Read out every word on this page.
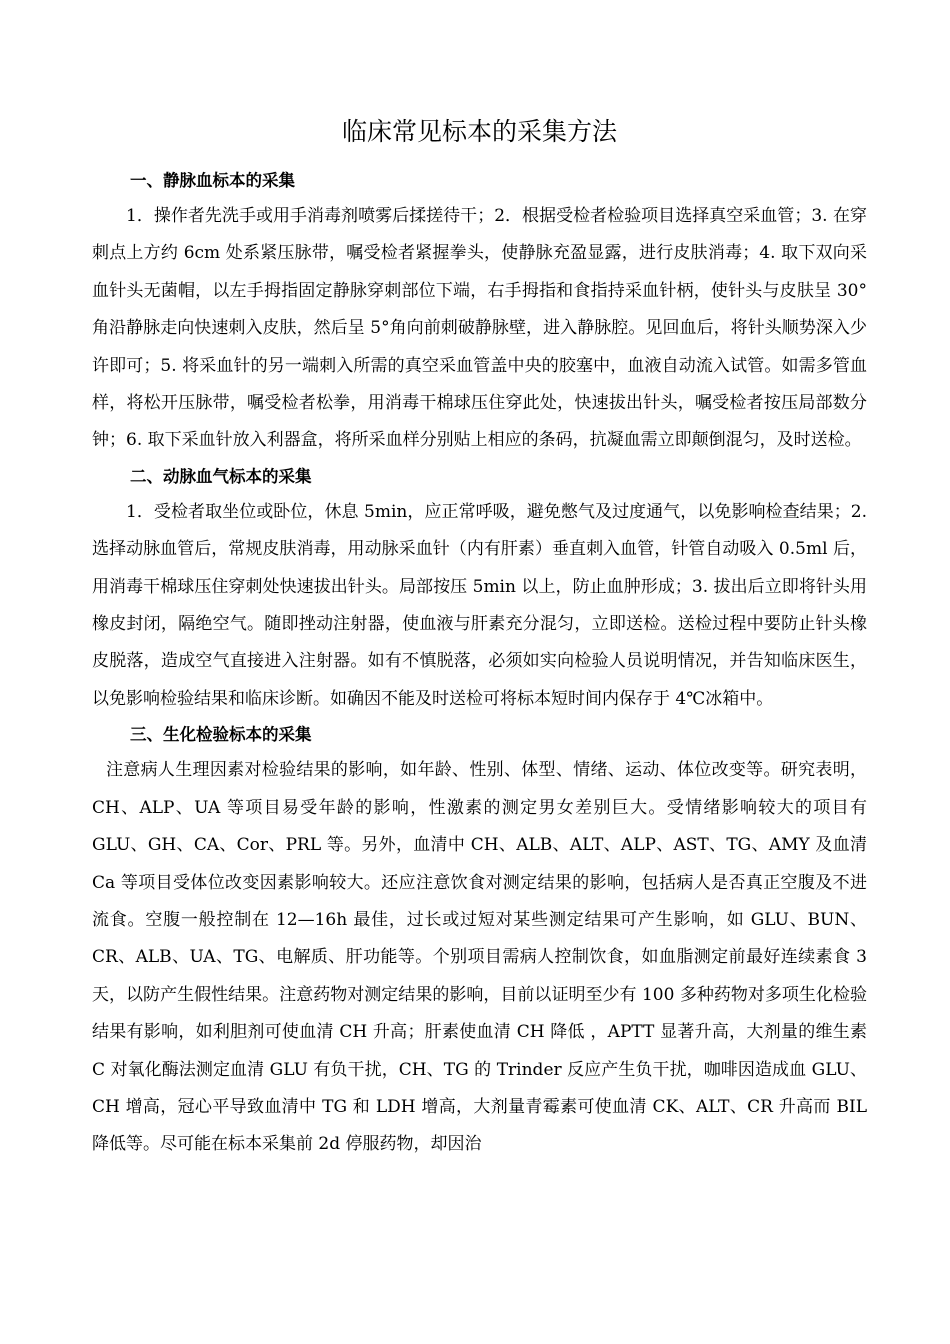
临床常见标本的采集方法
一、静脉血标本的采集

1．操作者先洗手或用手消毒剂喷雾后揉搓待干；2．根据受检者检验项目选择真空采血管；3. 在穿刺点上方约 6cm 处系紧压脉带，嘱受检者紧握拳头，使静脉充盈显露，进行皮肤消毒；4. 取下双向采血针头无菌帽，以左手拇指固定静脉穿刺部位下端，右手拇指和食指持采血针柄，使针头与皮肤呈 30°角沿静脉走向快速刺入皮肤，然后呈 5°角向前刺破静脉壁，进入静脉腔。见回血后，将针头顺势深入少许即可；5. 将采血针的另一端刺入所需的真空采血管盖中央的胶塞中，血液自动流入试管。如需多管血样，将松开压脉带，嘱受检者松拳，用消毒干棉球压住穿此处，快速拔出针头，嘱受检者按压局部数分钟；6. 取下采血针放入利器盒，将所采血样分别贴上相应的条码，抗凝血需立即颠倒混匀，及时送检。

二、动脉血气标本的采集

1．受检者取坐位或卧位，休息 5min，应正常呼吸，避免憋气及过度通气，以免影响检查结果；2. 选择动脉血管后，常规皮肤消毒，用动脉采血针（内有肝素）垂直刺入血管，针管自动吸入 0.5ml 后，用消毒干棉球压住穿刺处快速拔出针头。局部按压 5min 以上，防止血肿形成；3. 拔出后立即将针头用橡皮封闭，隔绝空气。随即挫动注射器，使血液与肝素充分混匀，立即送检。送检过程中要防止针头橡皮脱落，造成空气直接进入注射器。如有不慎脱落，必须如实向检验人员说明情况，并告知临床医生，以免影响检验结果和临床诊断。如确因不能及时送检可将标本短时间内保存于 4℃冰箱中。

三、生化检验标本的采集

注意病人生理因素对检验结果的影响，如年龄、性别、体型、情绪、运动、体位改变等。研究表明，CH、ALP、UA 等项目易受年龄的影响，性激素的测定男女差别巨大。受情绪影响较大的项目有 GLU、GH、CA、Cor、PRL 等。另外，血清中 CH、ALB、ALT、ALP、AST、TG、AMY 及血清 Ca 等项目受体位改变因素影响较大。还应注意饮食对测定结果的影响，包括病人是否真正空腹及不进流食。空腹一般控制在 12—16h 最佳，过长或过短对某些测定结果可产生影响，如 GLU、BUN、CR、ALB、UA、TG、电解质、肝功能等。个别项目需病人控制饮食，如血脂测定前最好连续素食 3 天，以防产生假性结果。注意药物对测定结果的影响，目前以证明至少有 100 多种药物对多项生化检验结果有影响，如利胆剂可使血清 CH 升高；肝素使血清 CH 降低 ，APTT 显著升高，大剂量的维生素 C 对氧化酶法测定血清 GLU 有负干扰，CH、TG 的 Trinder 反应产生负干扰，咖啡因造成血 GLU、CH 增高，冠心平导致血清中 TG 和 LDH 增高，大剂量青霉素可使血清 CK、ALT、CR 升高而 BIL 降低等。尽可能在标本采集前 2d 停服药物，却因治
